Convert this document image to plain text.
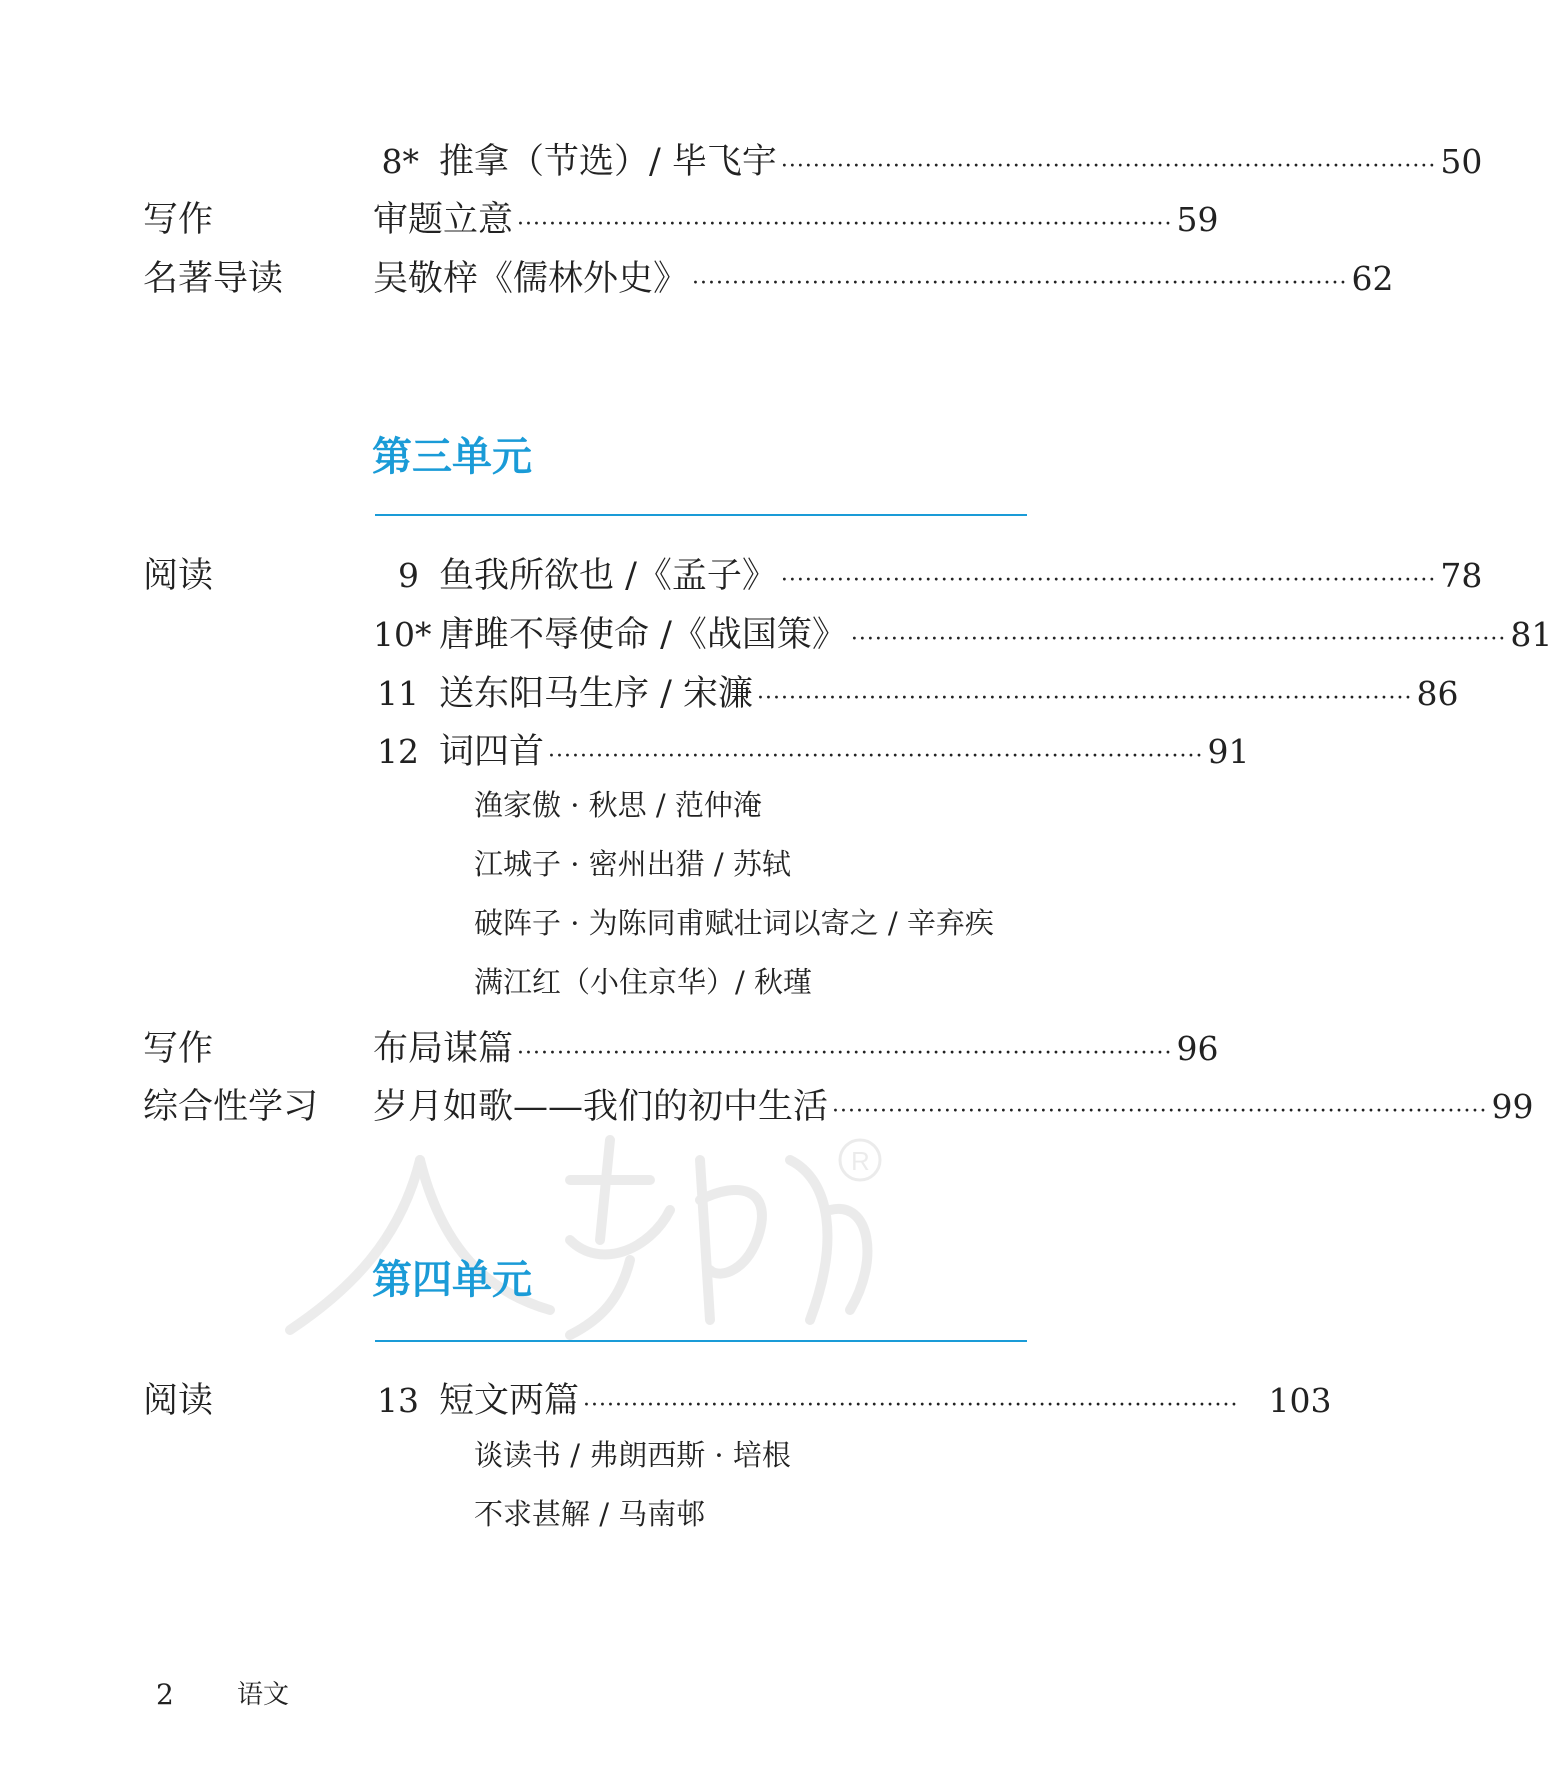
R
8* 推拿（节选）/ 毕飞宇 ·················································································· 50
写作	审题立意 ·················································································· 59
名著导读	吴敬梓《儒林外史》 ·················································································· 62
第三单元
阅读	9 鱼我所欲也 /《孟子》 ·················································································· 78
10* 唐雎不辱使命 /《战国策》 ·················································································· 81
11 送东阳马生序 / 宋濂 ·················································································· 86
12 词四首 ·················································································· 91
渔家傲 · 秋思 / 范仲淹
江城子 · 密州出猎 / 苏轼
破阵子 · 为陈同甫赋壮词以寄之 / 辛弃疾
满江红（小住京华）/ 秋瑾
写作	布局谋篇 ·················································································· 96
综合性学习 岁月如歌——我们的初中生活 ·················································································· 99
第四单元
阅读	13 短文两篇 ·················································································· 103
谈读书 / 弗朗西斯 · 培根
不求甚解 / 马南邨
2 语文
